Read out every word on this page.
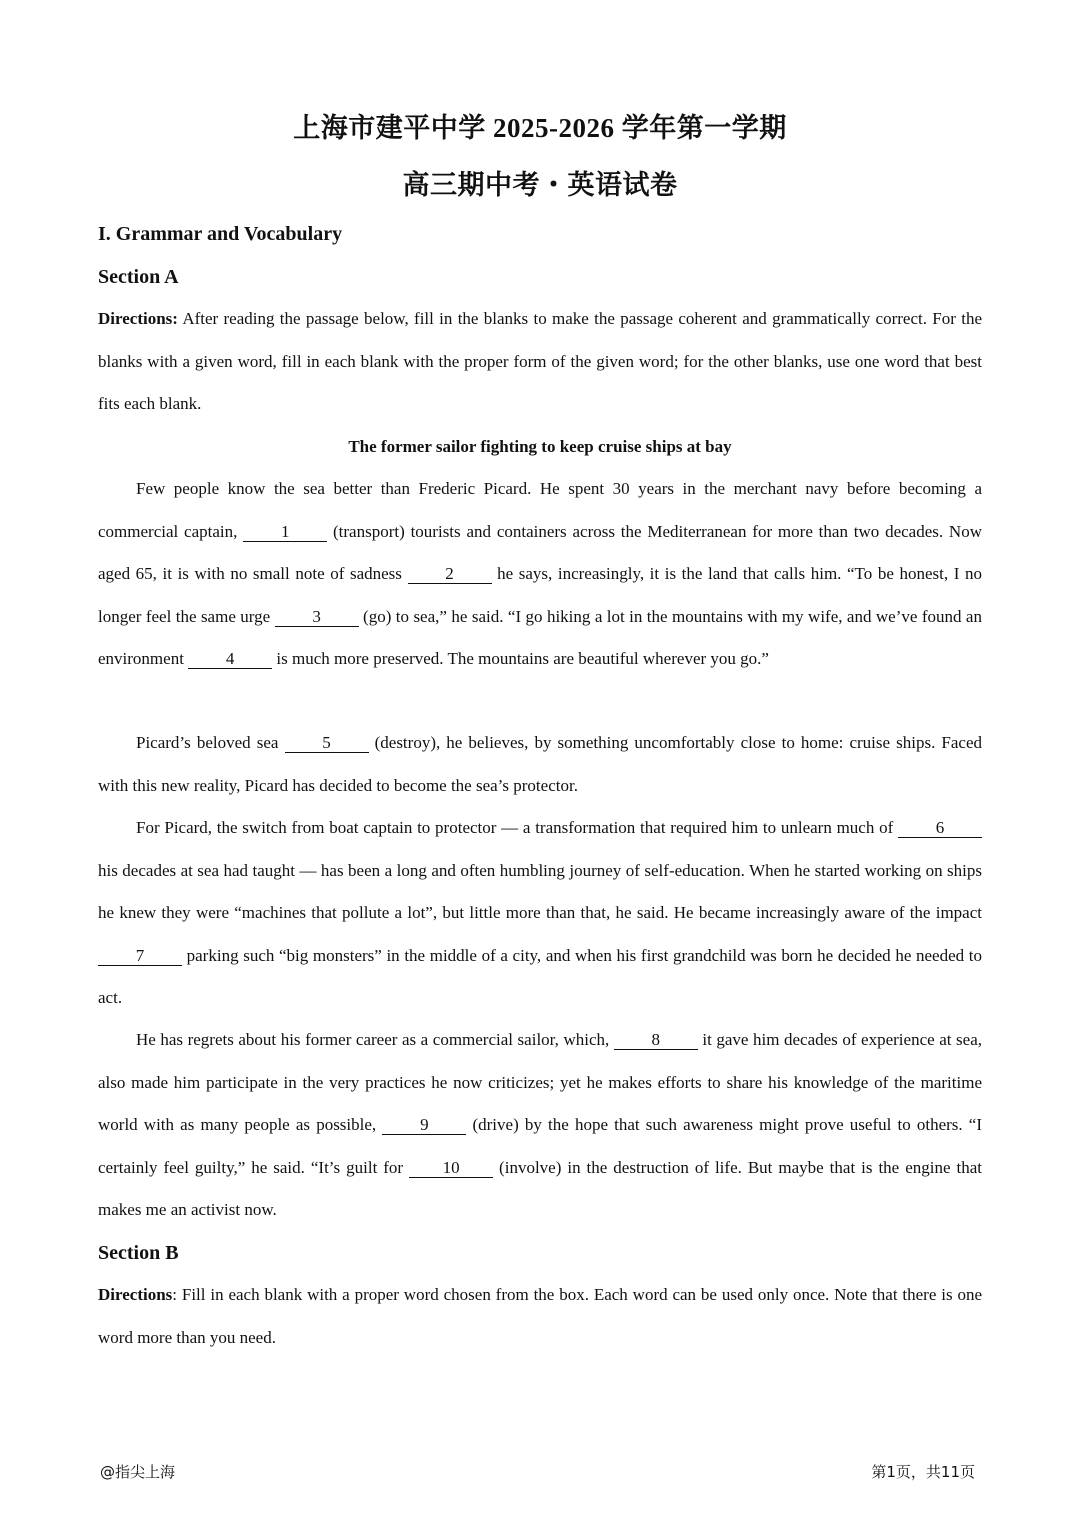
上海市建平中学 2025-2026 学年第一学期
高三期中考・英语试卷
I. Grammar and Vocabulary
Section A

Directions: After reading the passage below, fill in the blanks to make the passage coherent and grammatically correct. For the blanks with a given word, fill in each blank with the proper form of the given word; for the other blanks, use one word that best fits each blank.

The former sailor fighting to keep cruise ships at bay

Few people know the sea better than Frederic Picard. He spent 30 years in the merchant navy before becoming a commercial captain, 1 (transport) tourists and containers across the Mediterranean for more than two decades. Now aged 65, it is with no small note of sadness 2 he says, increasingly, it is the land that calls him. “To be honest, I no longer feel the same urge 3 (go) to sea,” he said. “I go hiking a lot in the mountains with my wife, and we’ve found an environment 4 is much more preserved. The mountains are beautiful wherever you go.”

Picard’s beloved sea 5 (destroy), he believes, by something uncomfortably close to home: cruise ships. Faced with this new reality, Picard has decided to become the sea’s protector.

For Picard, the switch from boat captain to protector — a transformation that required him to unlearn much of 6 his decades at sea had taught — has been a long and often humbling journey of self-education. When he started working on ships he knew they were “machines that pollute a lot”, but little more than that, he said. He became increasingly aware of the impact 7 parking such “big monsters” in the middle of a city, and when his first grandchild was born he decided he needed to act.

He has regrets about his former career as a commercial sailor, which, 8 it gave him decades of experience at sea, also made him participate in the very practices he now criticizes; yet he makes efforts to share his knowledge of the maritime world with as many people as possible, 9 (drive) by the hope that such awareness might prove useful to others. “I certainly feel guilty,” he said. “It’s guilt for 10 (involve) in the destruction of life. But maybe that is the engine that makes me an activist now.

Section B

Directions: Fill in each blank with a proper word chosen from the box. Each word can be used only once. Note that there is one word more than you need.

@指尖上海	第1页，共11页
